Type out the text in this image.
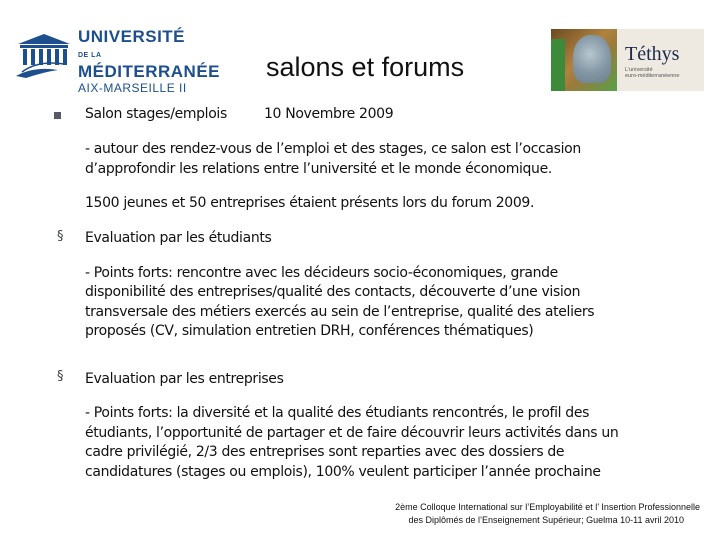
UNIVERSITÉ
DE LAMÉDITERRANÉE
AIX-MARSEILLE II
salons et forums	Téthys
L'université
euro-méditerranéenne
Salon stages/emplois	10 Novembre 2009
- autour des rendez-vous de l’emploi et des stages, ce salon est l’occasion
d’approfondir les relations entre l’université et le monde économique.
1500 jeunes et 50 entreprises étaient présents lors du forum 2009.
§ Evaluation par les étudiants
- Points forts: rencontre avec les décideurs socio-économiques, grande
disponibilité des entreprises/qualité des contacts, découverte d’une vision
transversale des métiers exercés au sein de l’entreprise, qualité des ateliers
proposés (CV, simulation entretien DRH, conférences thématiques)
§ Evaluation par les entreprises
- Points forts: la diversité et la qualité des étudiants rencontrés, le profil des
étudiants, l’opportunité de partager et de faire découvrir leurs activités dans un
cadre privilégié, 2/3 des entreprises sont reparties avec des dossiers de
candidatures (stages ou emplois), 100% veulent participer l’année prochaine
2ème Colloque International sur l’Employabilité et l’ Insertion Professionnelle
des Diplômés de l’Enseignement Supérieur; Guelma 10-11 avril 2010
